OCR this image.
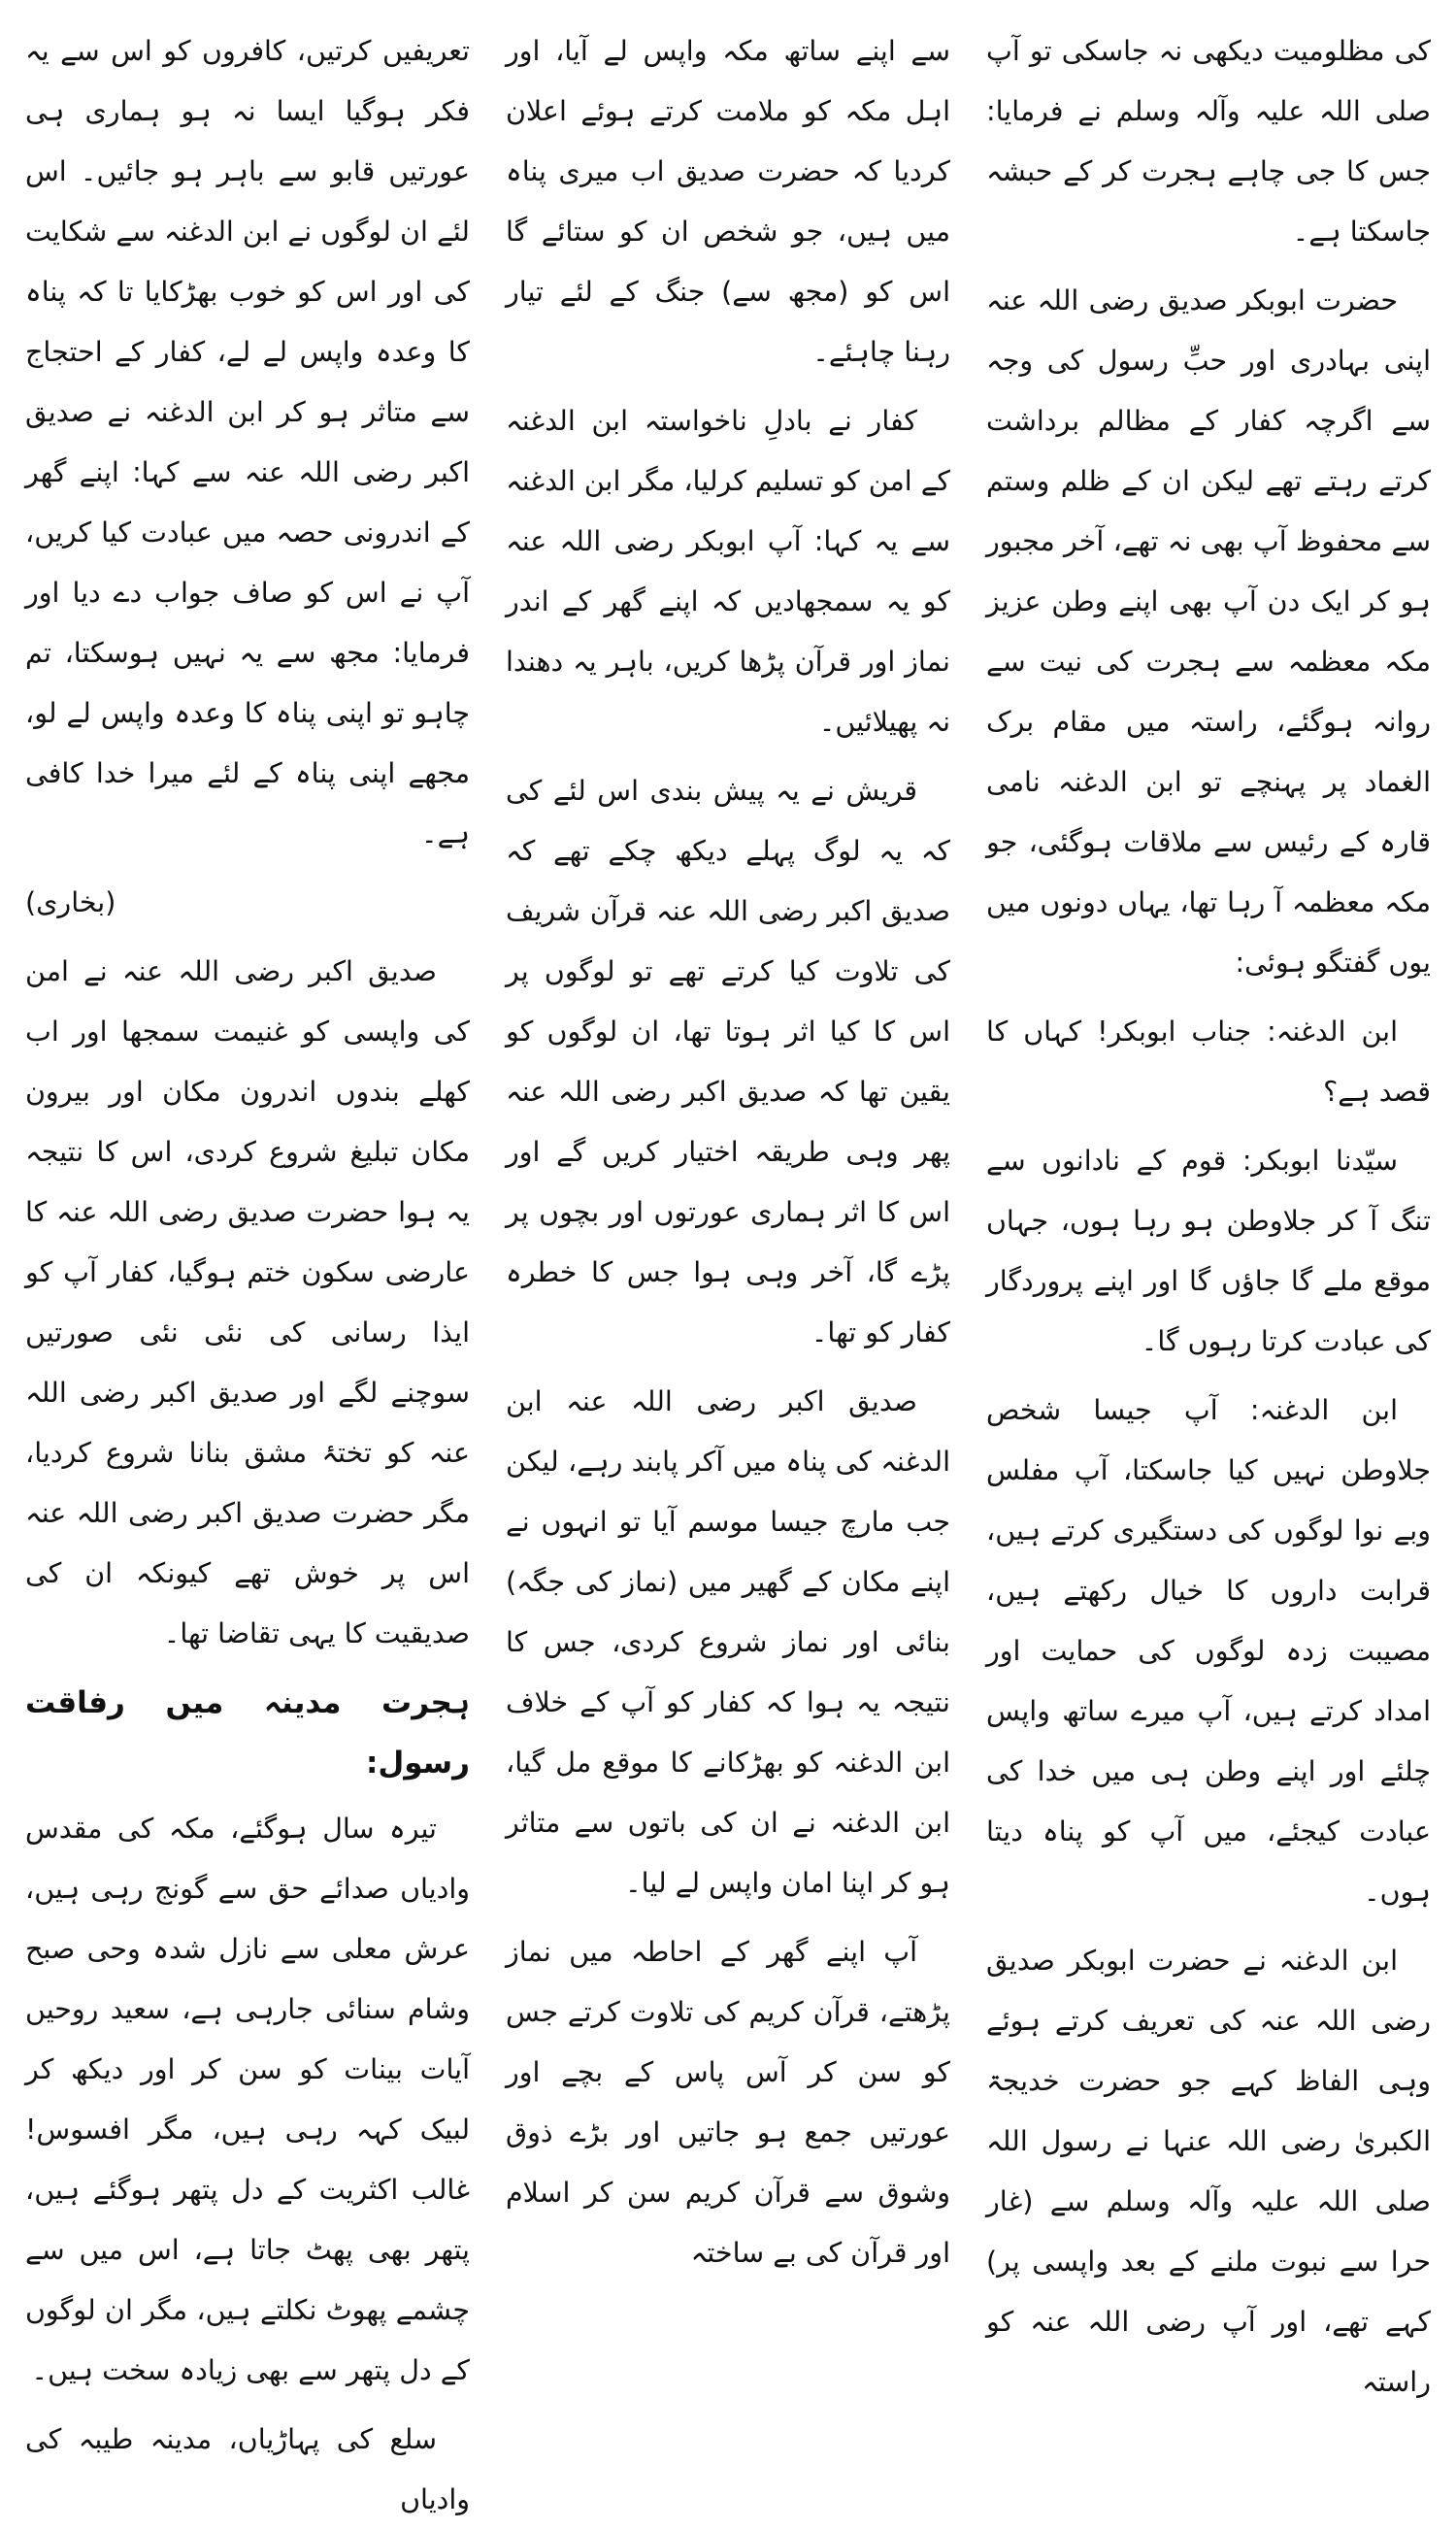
کی مظلومیت دیکھی نہ جاسکی تو آپ صلی اللہ علیہ وآلہ وسلم نے فرمایا: جس کا جی چاہے ہجرت کر کے حبشہ جاسکتا ہے۔

حضرت ابوبکر صدیق رضی اللہ عنہ اپنی بہادری اور حبِّ رسول کی وجہ سے اگرچہ کفار کے مظالم برداشت کرتے رہتے تھے لیکن ان کے ظلم وستم سے محفوظ آپ بھی نہ تھے، آخر مجبور ہو کر ایک دن آپ بھی اپنے وطن عزیز مکہ معظمہ سے ہجرت کی نیت سے روانہ ہوگئے، راستہ میں مقام برک الغماد پر پہنچے تو ابن الدغنہ نامی قارہ کے رئیس سے ملاقات ہوگئی، جو مکہ معظمہ آ رہا تھا، یہاں دونوں میں یوں گفتگو ہوئی:

ابن الدغنہ: جناب ابوبکر! کہاں کا قصد ہے؟

سیّدنا ابوبکر: قوم کے نادانوں سے تنگ آ کر جلاوطن ہو رہا ہوں، جہاں موقع ملے گا جاؤں گا اور اپنے پروردگار کی عبادت کرتا رہوں گا۔

ابن الدغنہ: آپ جیسا شخص جلاوطن نہیں کیا جاسکتا، آپ مفلس وبے نوا لوگوں کی دستگیری کرتے ہیں، قرابت داروں کا خیال رکھتے ہیں، مصیبت زدہ لوگوں کی حمایت اور امداد کرتے ہیں، آپ میرے ساتھ واپس چلئے اور اپنے وطن ہی میں خدا کی عبادت کیجئے، میں آپ کو پناہ دیتا ہوں۔

ابن الدغنہ نے حضرت ابوبکر صدیق رضی اللہ عنہ کی تعریف کرتے ہوئے وہی الفاظ کہے جو حضرت خدیجۃ الکبریٰ رضی اللہ عنہا نے رسول اللہ صلی اللہ علیہ وآلہ وسلم سے (غار حرا سے نبوت ملنے کے بعد واپسی پر) کہے تھے، اور آپ رضی اللہ عنہ کو راستہ

سے اپنے ساتھ مکہ واپس لے آیا، اور اہل مکہ کو ملامت کرتے ہوئے اعلان کردیا کہ حضرت صدیق اب میری پناہ میں ہیں، جو شخص ان کو ستائے گا اس کو (مجھ سے) جنگ کے لئے تیار رہنا چاہئے۔

کفار نے بادلِ ناخواستہ ابن الدغنہ کے امن کو تسلیم کرلیا، مگر ابن الدغنہ سے یہ کہا: آپ ابوبکر رضی اللہ عنہ کو یہ سمجھادیں کہ اپنے گھر کے اندر نماز اور قرآن پڑھا کریں، باہر یہ دھندا نہ پھیلائیں۔

قریش نے یہ پیش بندی اس لئے کی کہ یہ لوگ پہلے دیکھ چکے تھے کہ صدیق اکبر رضی اللہ عنہ قرآن شریف کی تلاوت کیا کرتے تھے تو لوگوں پر اس کا کیا اثر ہوتا تھا، ان لوگوں کو یقین تھا کہ صدیق اکبر رضی اللہ عنہ پھر وہی طریقہ اختیار کریں گے اور اس کا اثر ہماری عورتوں اور بچوں پر پڑے گا، آخر وہی ہوا جس کا خطرہ کفار کو تھا۔

صدیق اکبر رضی اللہ عنہ ابن الدغنہ کی پناہ میں آکر پابند رہے، لیکن جب مارچ جیسا موسم آیا تو انہوں نے اپنے مکان کے گھیر میں (نماز کی جگہ) بنائی اور نماز شروع کردی، جس کا نتیجہ یہ ہوا کہ کفار کو آپ کے خلاف ابن الدغنہ کو بھڑکانے کا موقع مل گیا، ابن الدغنہ نے ان کی باتوں سے متاثر ہو کر اپنا امان واپس لے لیا۔

آپ اپنے گھر کے احاطہ میں نماز پڑھتے، قرآن کریم کی تلاوت کرتے جس کو سن کر آس پاس کے بچے اور عورتیں جمع ہو جاتیں اور بڑے ذوق وشوق سے قرآن کریم سن کر اسلام اور قرآن کی بے ساختہ

تعریفیں کرتیں، کافروں کو اس سے یہ فکر ہوگیا ایسا نہ ہو ہماری ہی عورتیں قابو سے باہر ہو جائیں۔ اس لئے ان لوگوں نے ابن الدغنہ سے شکایت کی اور اس کو خوب بھڑکایا تا کہ پناہ کا وعدہ واپس لے لے، کفار کے احتجاج سے متاثر ہو کر ابن الدغنہ نے صدیق اکبر رضی اللہ عنہ سے کہا: اپنے گھر کے اندرونی حصہ میں عبادت کیا کریں، آپ نے اس کو صاف جواب دے دیا اور فرمایا: مجھ سے یہ نہیں ہوسکتا، تم چاہو تو اپنی پناہ کا وعدہ واپس لے لو، مجھے اپنی پناہ کے لئے میرا خدا کافی ہے۔

(بخاری)

صدیق اکبر رضی اللہ عنہ نے امن کی واپسی کو غنیمت سمجھا اور اب کھلے بندوں اندرون مکان اور بیرون مکان تبلیغ شروع کردی، اس کا نتیجہ یہ ہوا حضرت صدیق رضی اللہ عنہ کا عارضی سکون ختم ہوگیا، کفار آپ کو ایذا رسانی کی نئی نئی صورتیں سوچنے لگے اور صدیق اکبر رضی اللہ عنہ کو تختۂ مشق بنانا شروع کردیا، مگر حضرت صدیق اکبر رضی اللہ عنہ اس پر خوش تھے کیونکہ ان کی صدیقیت کا یہی تقاضا تھا۔

ہجرت مدینہ میں رفاقت رسول:

تیرہ سال ہوگئے، مکہ کی مقدس وادیاں صدائے حق سے گونج رہی ہیں، عرش معلی سے نازل شدہ وحی صبح وشام سنائی جارہی ہے، سعید روحیں آیات بینات کو سن کر اور دیکھ کر لبیک کہہ رہی ہیں، مگر افسوس! غالب اکثریت کے دل پتھر ہوگئے ہیں، پتھر بھی پھٹ جاتا ہے، اس میں سے چشمے پھوٹ نکلتے ہیں، مگر ان لوگوں کے دل پتھر سے بھی زیادہ سخت ہیں۔

سلع کی پہاڑیاں، مدینہ طیبہ کی وادیاں
